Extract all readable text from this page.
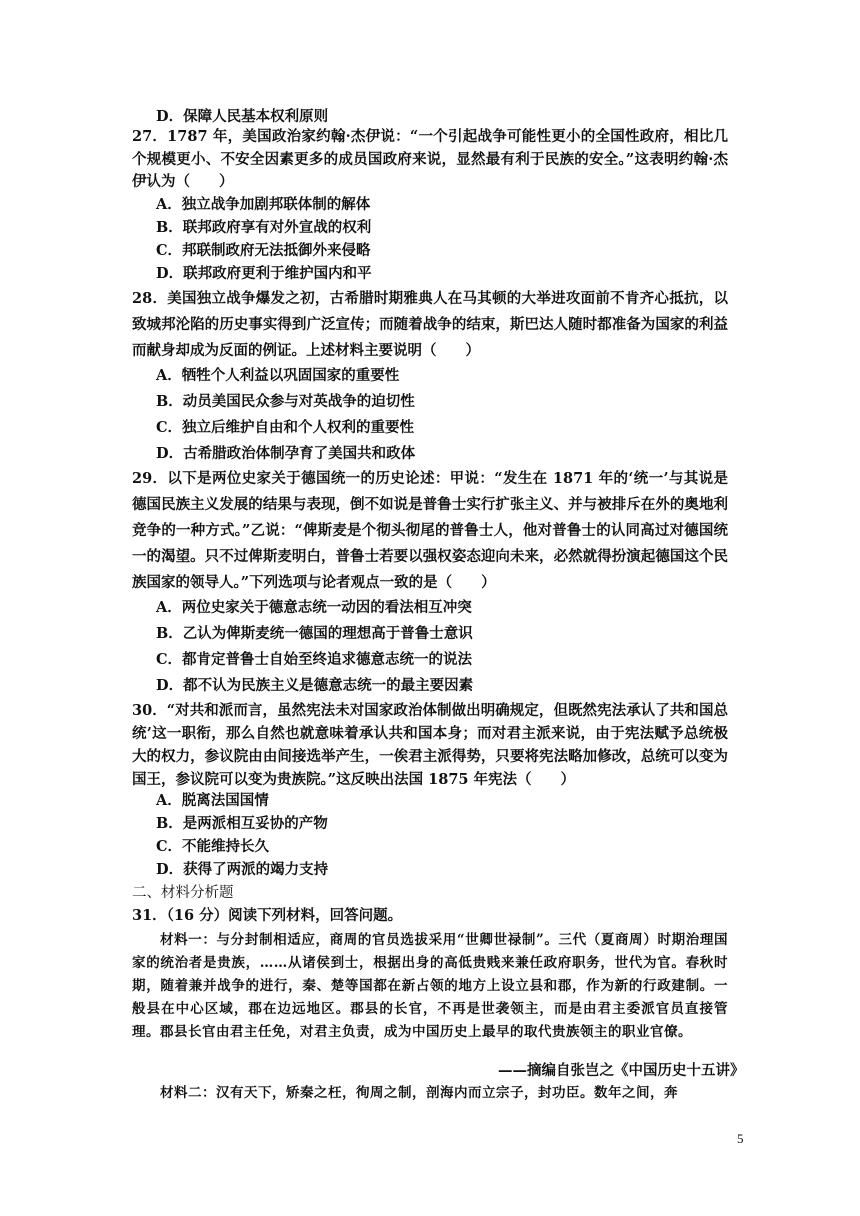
D．保障人民基本权利原则
27．1787 年，美国政治家约翰·杰伊说：“一个引起战争可能性更小的全国性政府，相比几个规模更小、不安全因素更多的成员国政府来说，显然最有利于民族的安全。”这表明约翰·杰伊认为（　　）
A．独立战争加剧邦联体制的解体
B．联邦政府享有对外宣战的权利
C．邦联制政府无法抵御外来侵略
D．联邦政府更利于维护国内和平
28．美国独立战争爆发之初，古希腊时期雅典人在马其顿的大举进攻面前不肯齐心抵抗，以致城邦沦陷的历史事实得到广泛宣传；而随着战争的结束，斯巴达人随时都准备为国家的利益而献身却成为反面的例证。上述材料主要说明（　　）
A．牺牲个人利益以巩固国家的重要性
B．动员美国民众参与对英战争的迫切性
C．独立后维护自由和个人权利的重要性
D．古希腊政治体制孕育了美国共和政体
29．以下是两位史家关于德国统一的历史论述：甲说：“发生在 1871 年的‘统一’与其说是德国民族主义发展的结果与表现，倒不如说是普鲁士实行扩张主义、并与被排斥在外的奥地利竞争的一种方式。”乙说：“俾斯麦是个彻头彻尾的普鲁士人，他对普鲁士的认同高过对德国统一的渴望。只不过俾斯麦明白，普鲁士若要以强权姿态迎向未来，必然就得扮演起德国这个民族国家的领导人。”下列选项与论者观点一致的是（　　）
A．两位史家关于德意志统一动因的看法相互冲突
B．乙认为俾斯麦统一德国的理想高于普鲁士意识
C．都肯定普鲁士自始至终追求德意志统一的说法
D．都不认为民族主义是德意志统一的最主要因素
30．“对共和派而言，虽然宪法未对国家政治体制做出明确规定，但既然宪法承认了共和国总统’这一职衔，那么自然也就意味着承认共和国本身；而对君主派来说，由于宪法赋予总统极大的权力，参议院由由间接选举产生，一俟君主派得势，只要将宪法略加修改，总统可以变为国王，参议院可以变为贵族院。”这反映出法国 1875 年宪法（　　）
A．脱离法国国情
B．是两派相互妥协的产物
C．不能维持长久
D．获得了两派的竭力支持
二、材料分析题
31．（16 分）阅读下列材料，回答问题。
材料一：与分封制相适应，商周的官员选拔采用“世卿世禄制”。三代（夏商周）时期治理国家的统治者是贵族，……从诸侯到士，根据出身的高低贵贱来兼任政府职务，世代为官。春秋时期，随着兼并战争的进行，秦、楚等国都在新占领的地方上设立县和郡，作为新的行政建制。一般县在中心区域，郡在边远地区。郡县的长官，不再是世袭领主，而是由君主委派官员直接管理。郡县长官由君主任免，对君主负责，成为中国历史上最早的取代贵族领主的职业官僚。
——摘编自张岂之《中国历史十五讲》
材料二：汉有天下，矫秦之枉，徇周之制，剖海内而立宗子，封功臣。数年之间，奔
5
